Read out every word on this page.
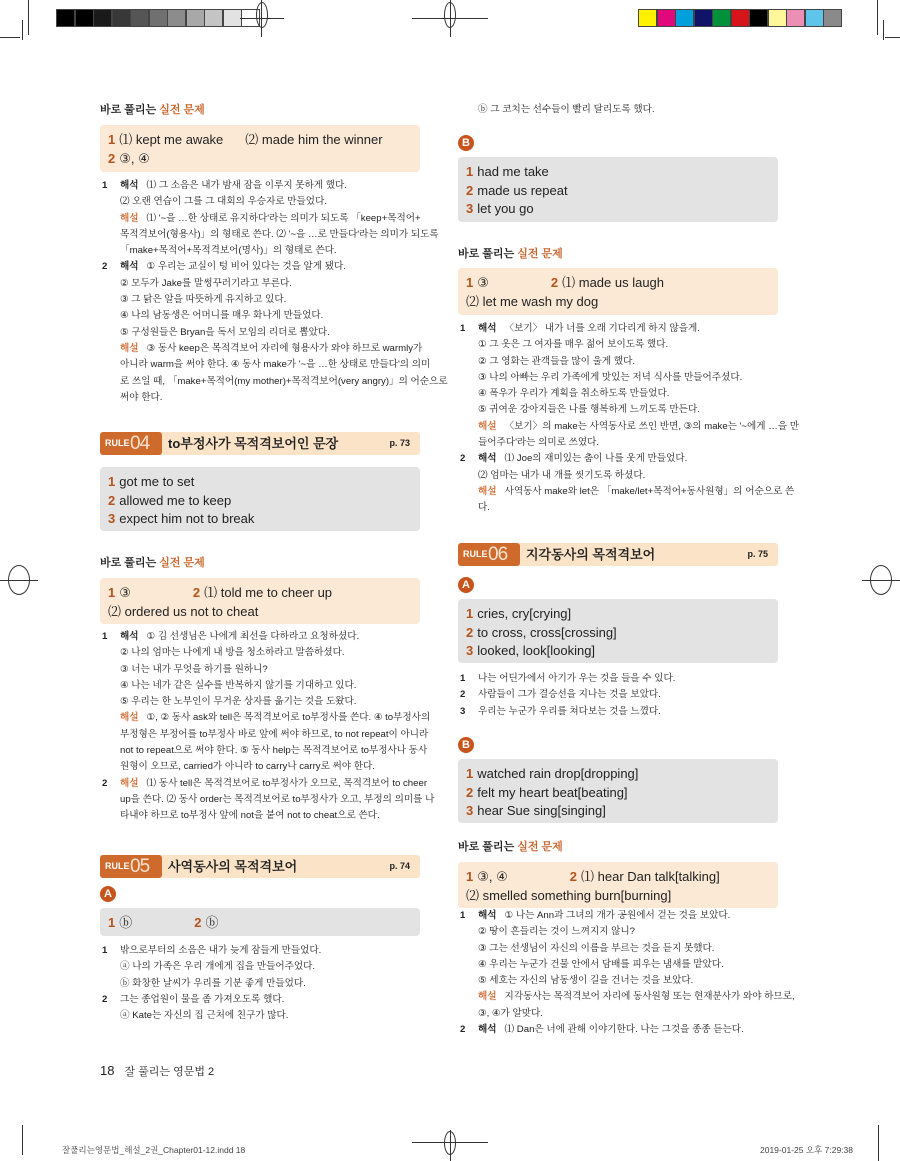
잘풀리는영문법_해설_2권_Chapter01-12.indd 18	2019-01-25 오후 7:29:38
바로 풀리는 실전 문제
1 ⑴ kept me awake ⑵ made him the winner
2 ③, ④
1 해석 ⑴ 그 소음은 내가 밤새 잠을 이루지 못하게 했다.
⑵ 오랜 연습이 그를 그 대회의 우승자로 만들었다.
해설 ⑴ '~을 …한 상태로 유지하다'라는 의미가 되도록 「keep+목적어+
목적격보어(형용사)」의 형태로 쓴다. ⑵ '~을 …로 만들다'라는 의미가 되도록
「make+목적어+목적격보어(명사)」의 형태로 쓴다.
2 해석 ① 우리는 교실이 텅 비어 있다는 것을 알게 됐다.
② 모두가 Jake를 말썽꾸러기라고 부른다.
③ 그 닭은 알을 따뜻하게 유지하고 있다.
④ 나의 남동생은 어머니를 매우 화나게 만들었다.
⑤ 구성원들은 Bryan을 독서 모임의 리더로 뽑았다.
해설 ③ 동사 keep은 목적격보어 자리에 형용사가 와야 하므로 warmly가
아니라 warm을 써야 한다. ④ 동사 make가 '~을 …한 상태로 만들다'의 의미
로 쓰일 때, 「make+목적어(my mother)+목적격보어(very angry)」의 어순으로
써야 한다.
RULE 04 to부정사가 목적격보어인 문장	p. 73
1 got me to set
2 allowed me to keep
3 expect him not to break
바로 풀리는 실전 문제
1 ③	2 ⑴ told me to cheer up
⑵ ordered us not to cheat
1 해석 ① 김 선생님은 나에게 최선을 다하라고 요청하셨다.
② 나의 엄마는 나에게 내 방을 청소하라고 말씀하셨다.
③ 너는 내가 무엇을 하기를 원하니?
④ 나는 네가 같은 실수를 반복하지 않기를 기대하고 있다.
⑤ 우리는 한 노부인이 무거운 상자를 옮기는 것을 도왔다.
해설 ①, ② 동사 ask와 tell은 목적격보어로 to부정사를 쓴다. ④ to부정사의
부정형은 부정어를 to부정사 바로 앞에 써야 하므로, to not repeat이 아니라
not to repeat으로 써야 한다. ⑤ 동사 help는 목적격보어로 to부정사나 동사
원형이 오므로, carried가 아니라 to carry나 carry로 써야 한다.
2 해설 ⑴ 동사 tell은 목적격보어로 to부정사가 오므로, 목적격보어 to cheer
up을 쓴다. ⑵ 동사 order는 목적격보어로 to부정사가 오고, 부정의 의미를 나
타내야 하므로 to부정사 앞에 not을 붙여 not to cheat으로 쓴다.
RULE 05 사역동사의 목적격보어	p. 74
A
1 ⓑ	2 ⓑ
1 밖으로부터의 소음은 내가 늦게 잠들게 만들었다.
ⓐ 나의 가족은 우리 개에게 집을 만들어주었다.
ⓑ 화창한 날씨가 우리를 기분 좋게 만들었다.
2 그는 종업원이 물을 좀 가져오도록 했다.
ⓐ Kate는 자신의 집 근처에 친구가 많다.
18 잘 풀리는 영문법 2
ⓑ 그 코치는 선수들이 빨리 달리도록 했다.
B
1 had me take
2 made us repeat
3 let you go
바로 풀리는 실전 문제
1 ③	2 ⑴ made us laugh
⑵ let me wash my dog
1 해석 〈보기〉 내가 너를 오래 기다리게 하지 않을게.
① 그 옷은 그 여자를 매우 젊어 보이도록 했다.
② 그 영화는 관객들을 많이 울게 했다.
③ 나의 아빠는 우리 가족에게 맛있는 저녁 식사를 만들어주셨다.
④ 폭우가 우리가 계획을 취소하도록 만들었다.
⑤ 귀여운 강아지들은 나를 행복하게 느끼도록 만든다.
해설 〈보기〉의 make는 사역동사로 쓰인 반면, ③의 make는 '~에게 …을 만
들어주다'라는 의미로 쓰였다.
2 해석 ⑴ Joe의 재미있는 춤이 나를 웃게 만들었다.
⑵ 엄마는 내가 내 개를 씻기도록 하셨다.
해설 사역동사 make와 let은 「make/let+목적어+동사원형」의 어순으로 쓴
다.
RULE 06 지각동사의 목적격보어	p. 75
A
1 cries, cry[crying]
2 to cross, cross[crossing]
3 looked, look[looking]
1 나는 어딘가에서 아기가 우는 것을 들을 수 있다.
2 사람들이 그가 결승선을 지나는 것을 보았다.
3 우리는 누군가 우리를 쳐다보는 것을 느꼈다.
B
1 watched rain drop[dropping]
2 felt my heart beat[beating]
3 hear Sue sing[singing]
바로 풀리는 실전 문제
1 ③, ④	2 ⑴ hear Dan talk[talking]
⑵ smelled something burn[burning]
1 해석 ① 나는 Ann과 그녀의 개가 공원에서 걷는 것을 보았다.
② 땅이 흔들리는 것이 느껴지지 않니?
③ 그는 선생님이 자신의 이름을 부르는 것을 듣지 못했다.
④ 우리는 누군가 건물 안에서 담배를 피우는 냄새를 맡았다.
⑤ 세호는 자신의 남동생이 길을 건너는 것을 보았다.
해설 지각동사는 목적격보어 자리에 동사원형 또는 현재분사가 와야 하므로,
③, ④가 알맞다.
2 해석 ⑴ Dan은 너에 관해 이야기한다. 나는 그것을 종종 듣는다.
